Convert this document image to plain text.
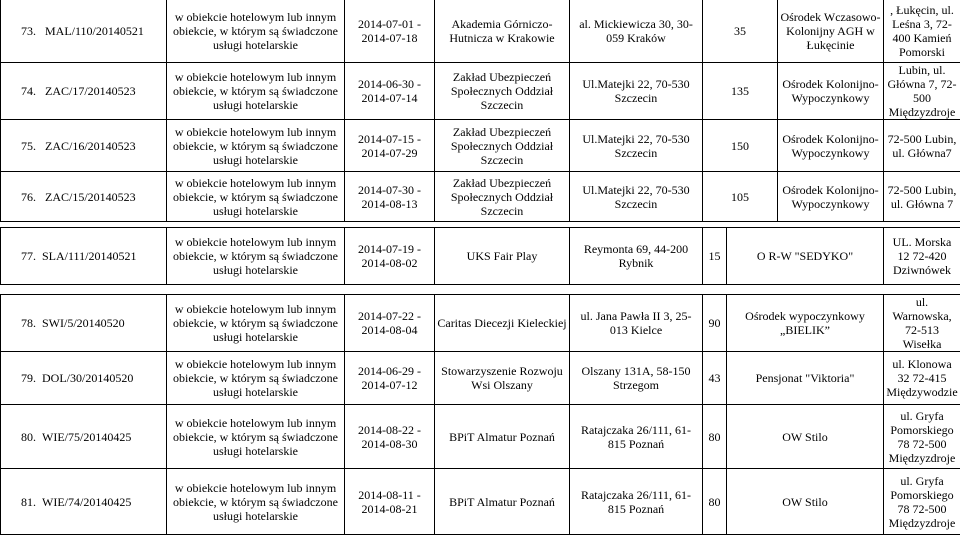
73. MAL/110/20140521	w obiekcie hotelowym lub innym obiekcie, w którym są świadczone usługi hotelarskie	2014-07-01 - 2014-07-18	Akademia Górniczo-Hutnicza w Krakowie	al. Mickiewicza 30, 30-059 Kraków	35	Ośrodek Wczasowo-Kolonijny AGH w Łukęcinie	, Łukęcin, ul. Leśna 3, 72-400 Kamień Pomorski
74. ZAC/17/20140523	w obiekcie hotelowym lub innym obiekcie, w którym są świadczone usługi hotelarskie	2014-06-30 - 2014-07-14	Zakład Ubezpieczeń Społecznych Oddział Szczecin	Ul.Matejki 22, 70-530 Szczecin	135	Ośrodek Kolonijno-Wypoczynkowy	Lubin, ul. Główna 7, 72-500 Międzyzdroje
75. ZAC/16/20140523	w obiekcie hotelowym lub innym obiekcie, w którym są świadczone usługi hotelarskie	2014-07-15 - 2014-07-29	Zakład Ubezpieczeń Społecznych Oddział Szczecin	Ul.Matejki 22, 70-530 Szczecin	150	Ośrodek Kolonijno-Wypoczynkowy	72-500 Lubin, ul. Główna7
76. ZAC/15/20140523	w obiekcie hotelowym lub innym obiekcie, w którym są świadczone usługi hotelarskie	2014-07-30 - 2014-08-13	Zakład Ubezpieczeń Społecznych Oddział Szczecin	Ul.Matejki 22, 70-530 Szczecin	105	Ośrodek Kolonijno-Wypoczynkowy	72-500 Lubin, ul. Główna 7
77. SLA/111/20140521	w obiekcie hotelowym lub innym obiekcie, w którym są świadczone usługi hotelarskie	2014-07-19 - 2014-08-02	UKS Fair Play	Reymonta 69, 44-200 Rybnik	15	O R-W "SEDYKO"	UL. Morska 12 72-420 Dziwnówek
78. SWI/5/20140520	w obiekcie hotelowym lub innym obiekcie, w którym są świadczone usługi hotelarskie	2014-07-22 - 2014-08-04	Caritas Diecezji Kieleckiej	ul. Jana Pawła II 3, 25-013 Kielce	90	Ośrodek wypoczynkowy „BIELIK”	ul. Warnowska, 72-513 Wisełka
79. DOL/30/20140520	w obiekcie hotelowym lub innym obiekcie, w którym są świadczone usługi hotelarskie	2014-06-29 - 2014-07-12	Stowarzyszenie Rozwoju Wsi Olszany	Olszany 131A, 58-150 Strzegom	43	Pensjonat "Viktoria"	ul. Klonowa 32 72-415 Międzywodzie
80. WIE/75/20140425	w obiekcie hotelowym lub innym obiekcie, w którym są świadczone usługi hotelarskie	2014-08-22 - 2014-08-30	BPiT Almatur Poznań	Ratajczaka 26/111, 61-815 Poznań	80	OW Stilo	ul. Gryfa Pomorskiego 78 72-500 Międzyzdroje
81. WIE/74/20140425	w obiekcie hotelowym lub innym obiekcie, w którym są świadczone usługi hotelarskie	2014-08-11 - 2014-08-21	BPiT Almatur Poznań	Ratajczaka 26/111, 61-815 Poznań	80	OW Stilo	ul. Gryfa Pomorskiego 78 72-500 Międzyzdroje
